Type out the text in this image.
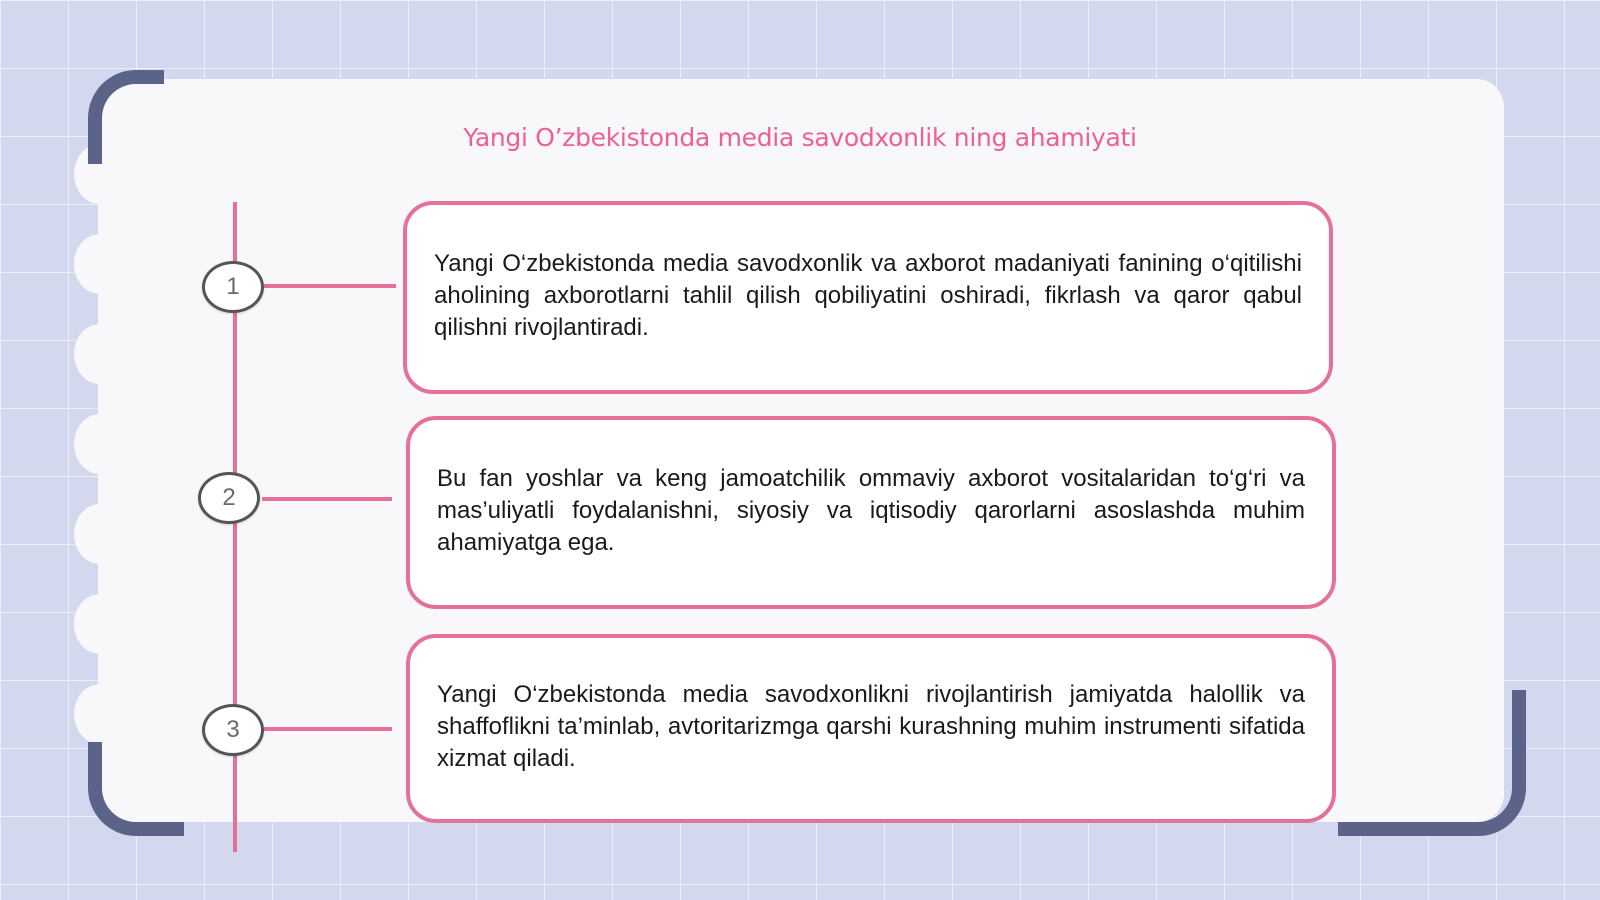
Yangi O’zbekistonda media savodxonlik ning ahamiyati
1
2
3

Yangi O‘zbekistonda media savodxonlik va axborot madaniyati fanining o‘qitilishi aholining axborotlarni tahlil qilish qobiliyatini oshiradi, fikrlash va qaror qabul qilishni rivojlantiradi.

Bu fan yoshlar va keng jamoatchilik ommaviy axborot vositalaridan to‘g‘ri va mas’uliyatli foydalanishni, siyosiy va iqtisodiy qarorlarni asoslashda muhim ahamiyatga ega.

Yangi O‘zbekistonda media savodxonlikni rivojlantirish jamiyatda halollik va shaffoflikni ta’minlab, avtoritarizmga qarshi kurashning muhim instrumenti sifatida xizmat qiladi.
